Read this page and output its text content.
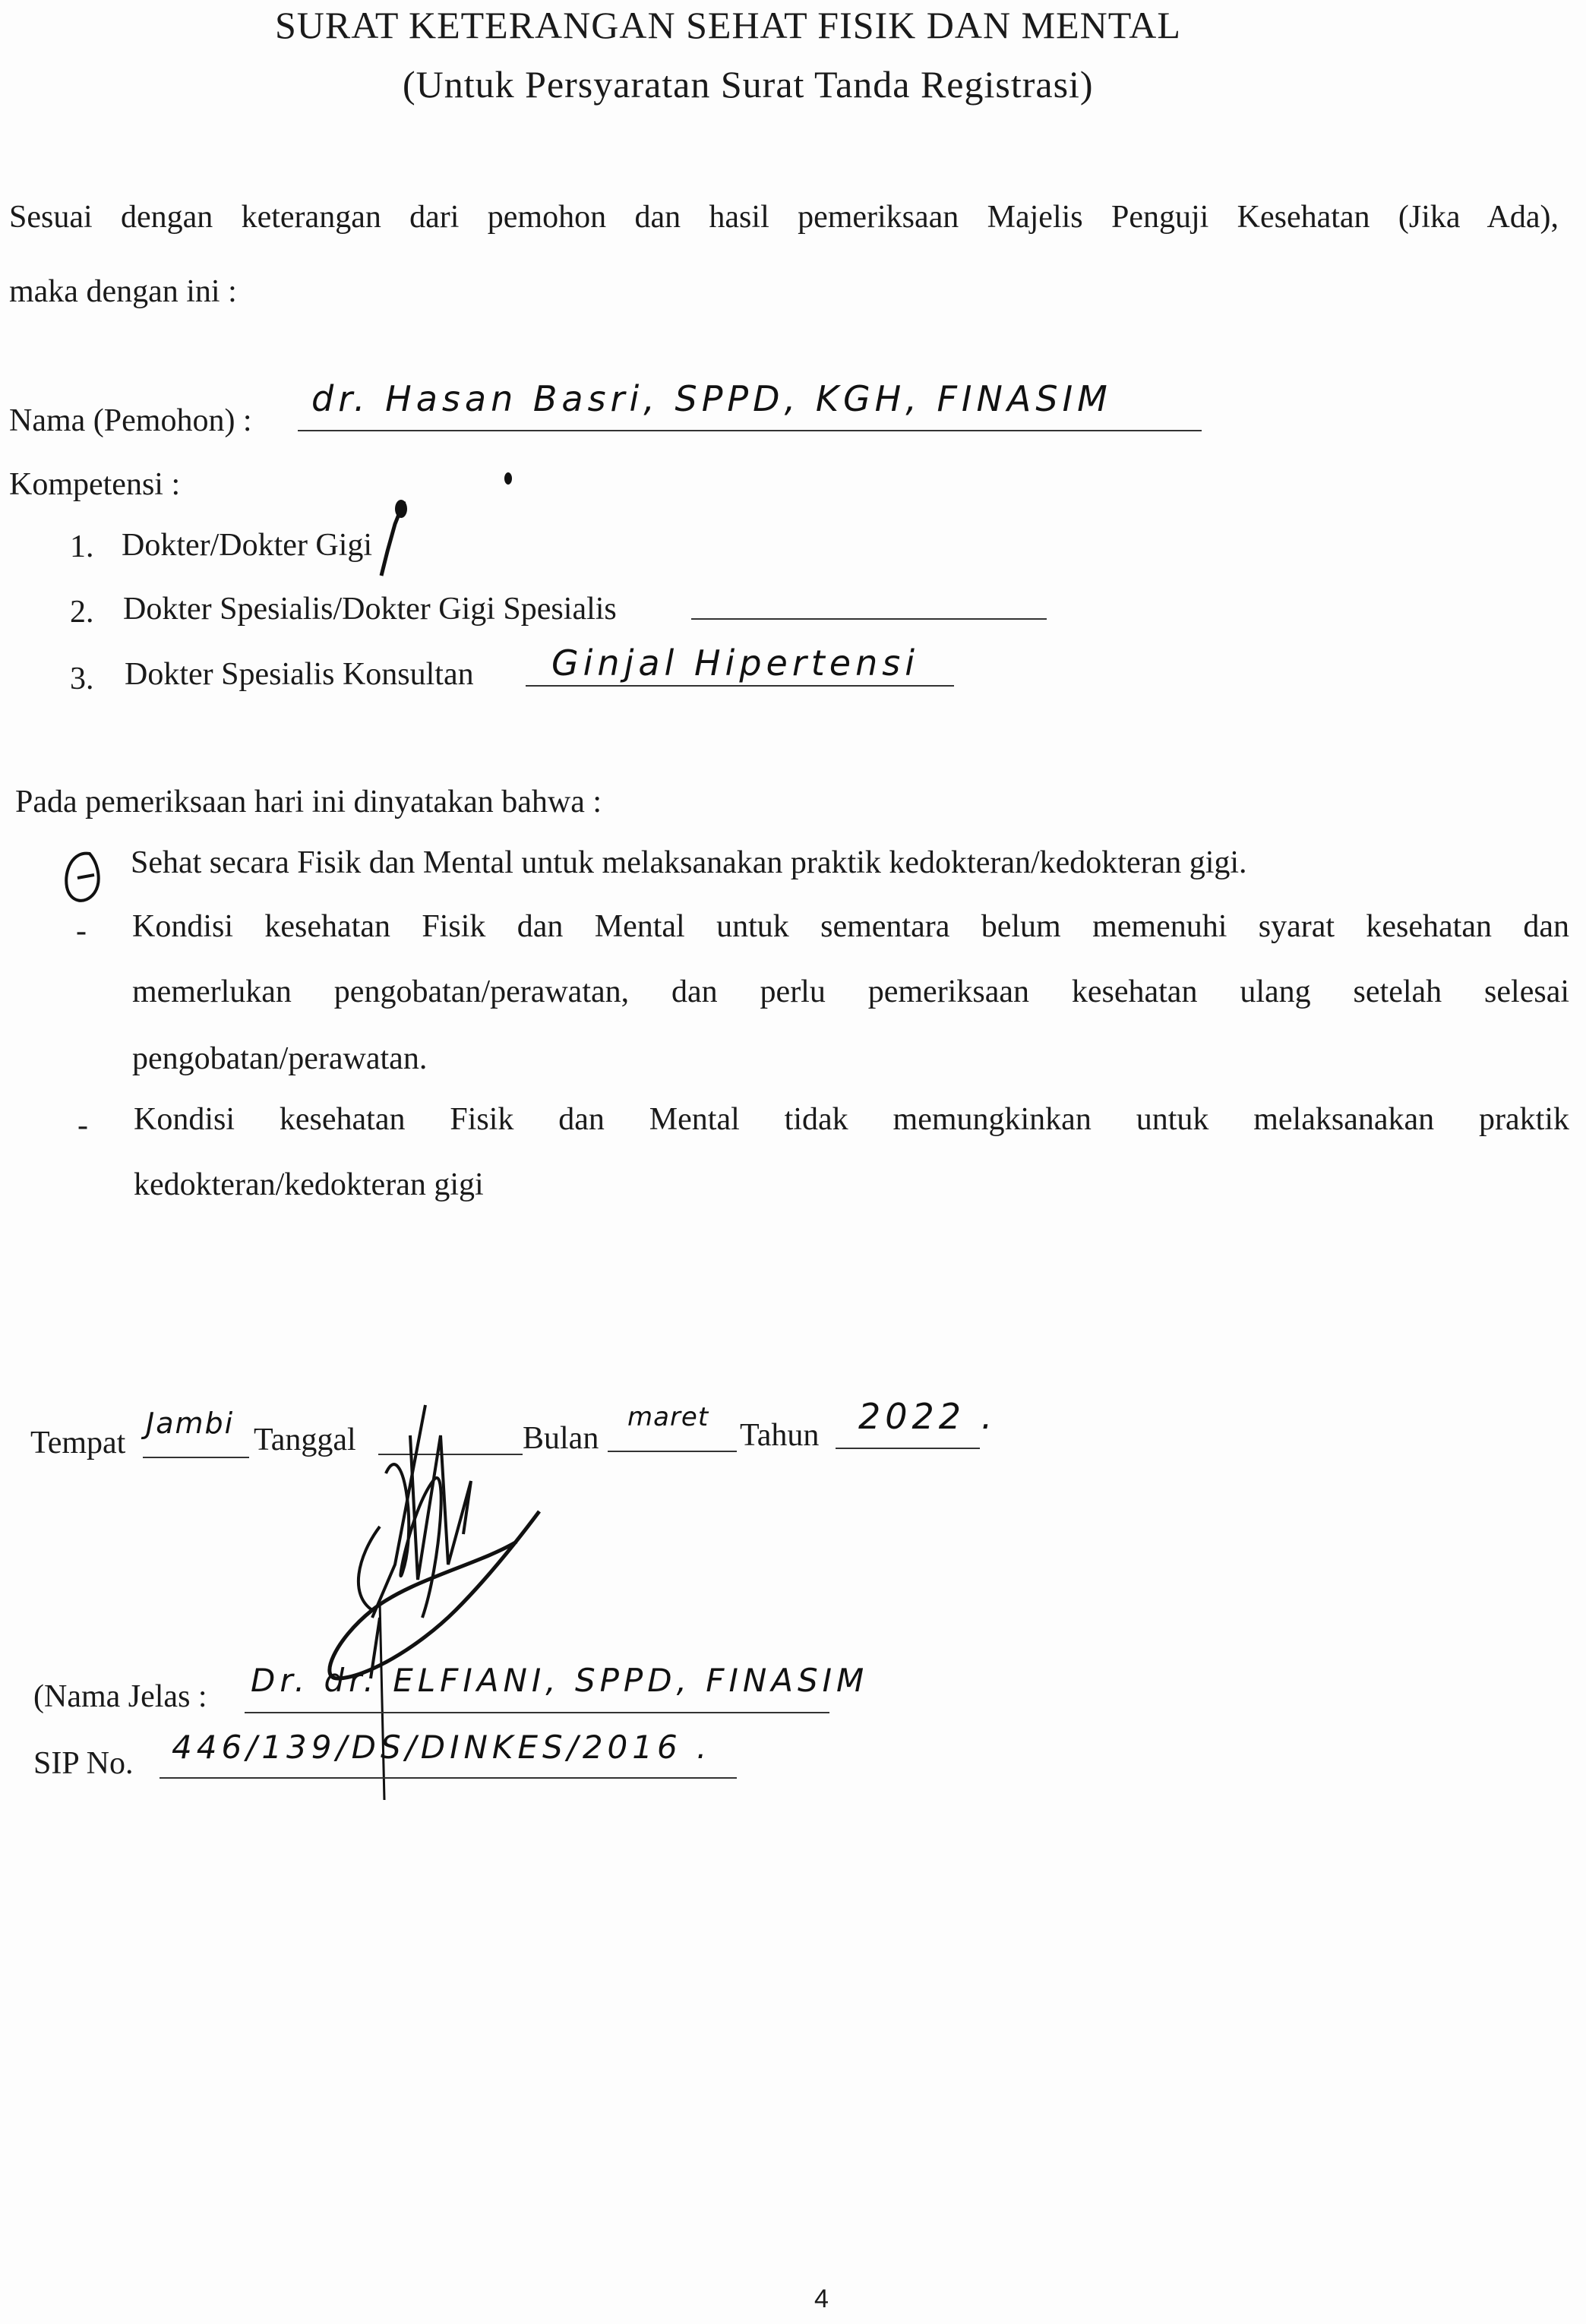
SURAT KETERANGAN SEHAT FISIK DAN MENTAL
(Untuk Persyaratan Surat Tanda Registrasi)
Sesuai dengan keterangan dari pemohon dan hasil pemeriksaan Majelis Penguji Kesehatan (Jika Ada),
maka dengan ini :
Nama (Pemohon) :
dr. Hasan Basri, SPPD, KGH, FINASIM
Kompetensi :
1. Dokter/Dokter Gigi
2. Dokter Spesialis/Dokter Gigi Spesialis
3. Dokter Spesialis Konsultan Ginjal Hipertensi
Pada pemeriksaan hari ini dinyatakan bahwa :
Sehat secara Fisik dan Mental untuk melaksanakan praktik kedokteran/kedokteran gigi.
- Kondisi kesehatan Fisik dan Mental untuk sementara belum memenuhi syarat kesehatan dan
memerlukan pengobatan/perawatan, dan perlu pemeriksaan kesehatan ulang setelah selesai
pengobatan/perawatan.
- Kondisi kesehatan Fisik dan Mental tidak memungkinkan untuk melaksanakan praktik
kedokteran/kedokteran gigi
Tempat
Jambi Tanggal	Bulan
maret
Tahun 2022 .
(Nama Jelas : Dr. dr. ELFIANI, SPPD, FINASIM
SIP No. 446/139/DS/DINKES/2016 .
4
